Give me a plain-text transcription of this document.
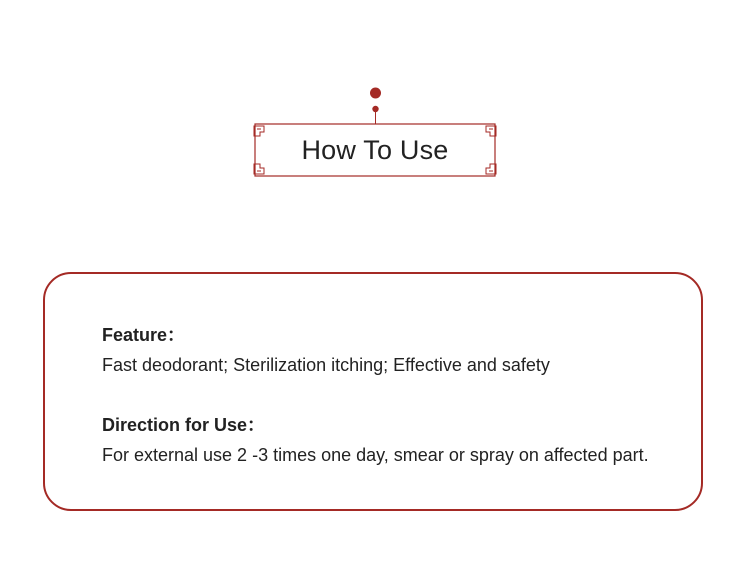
How To Use
Feature：
Fast deodorant; Sterilization itching; Effective and safety
Direction for Use：
For external use 2 -3 times one day, smear or spray on affected part.
